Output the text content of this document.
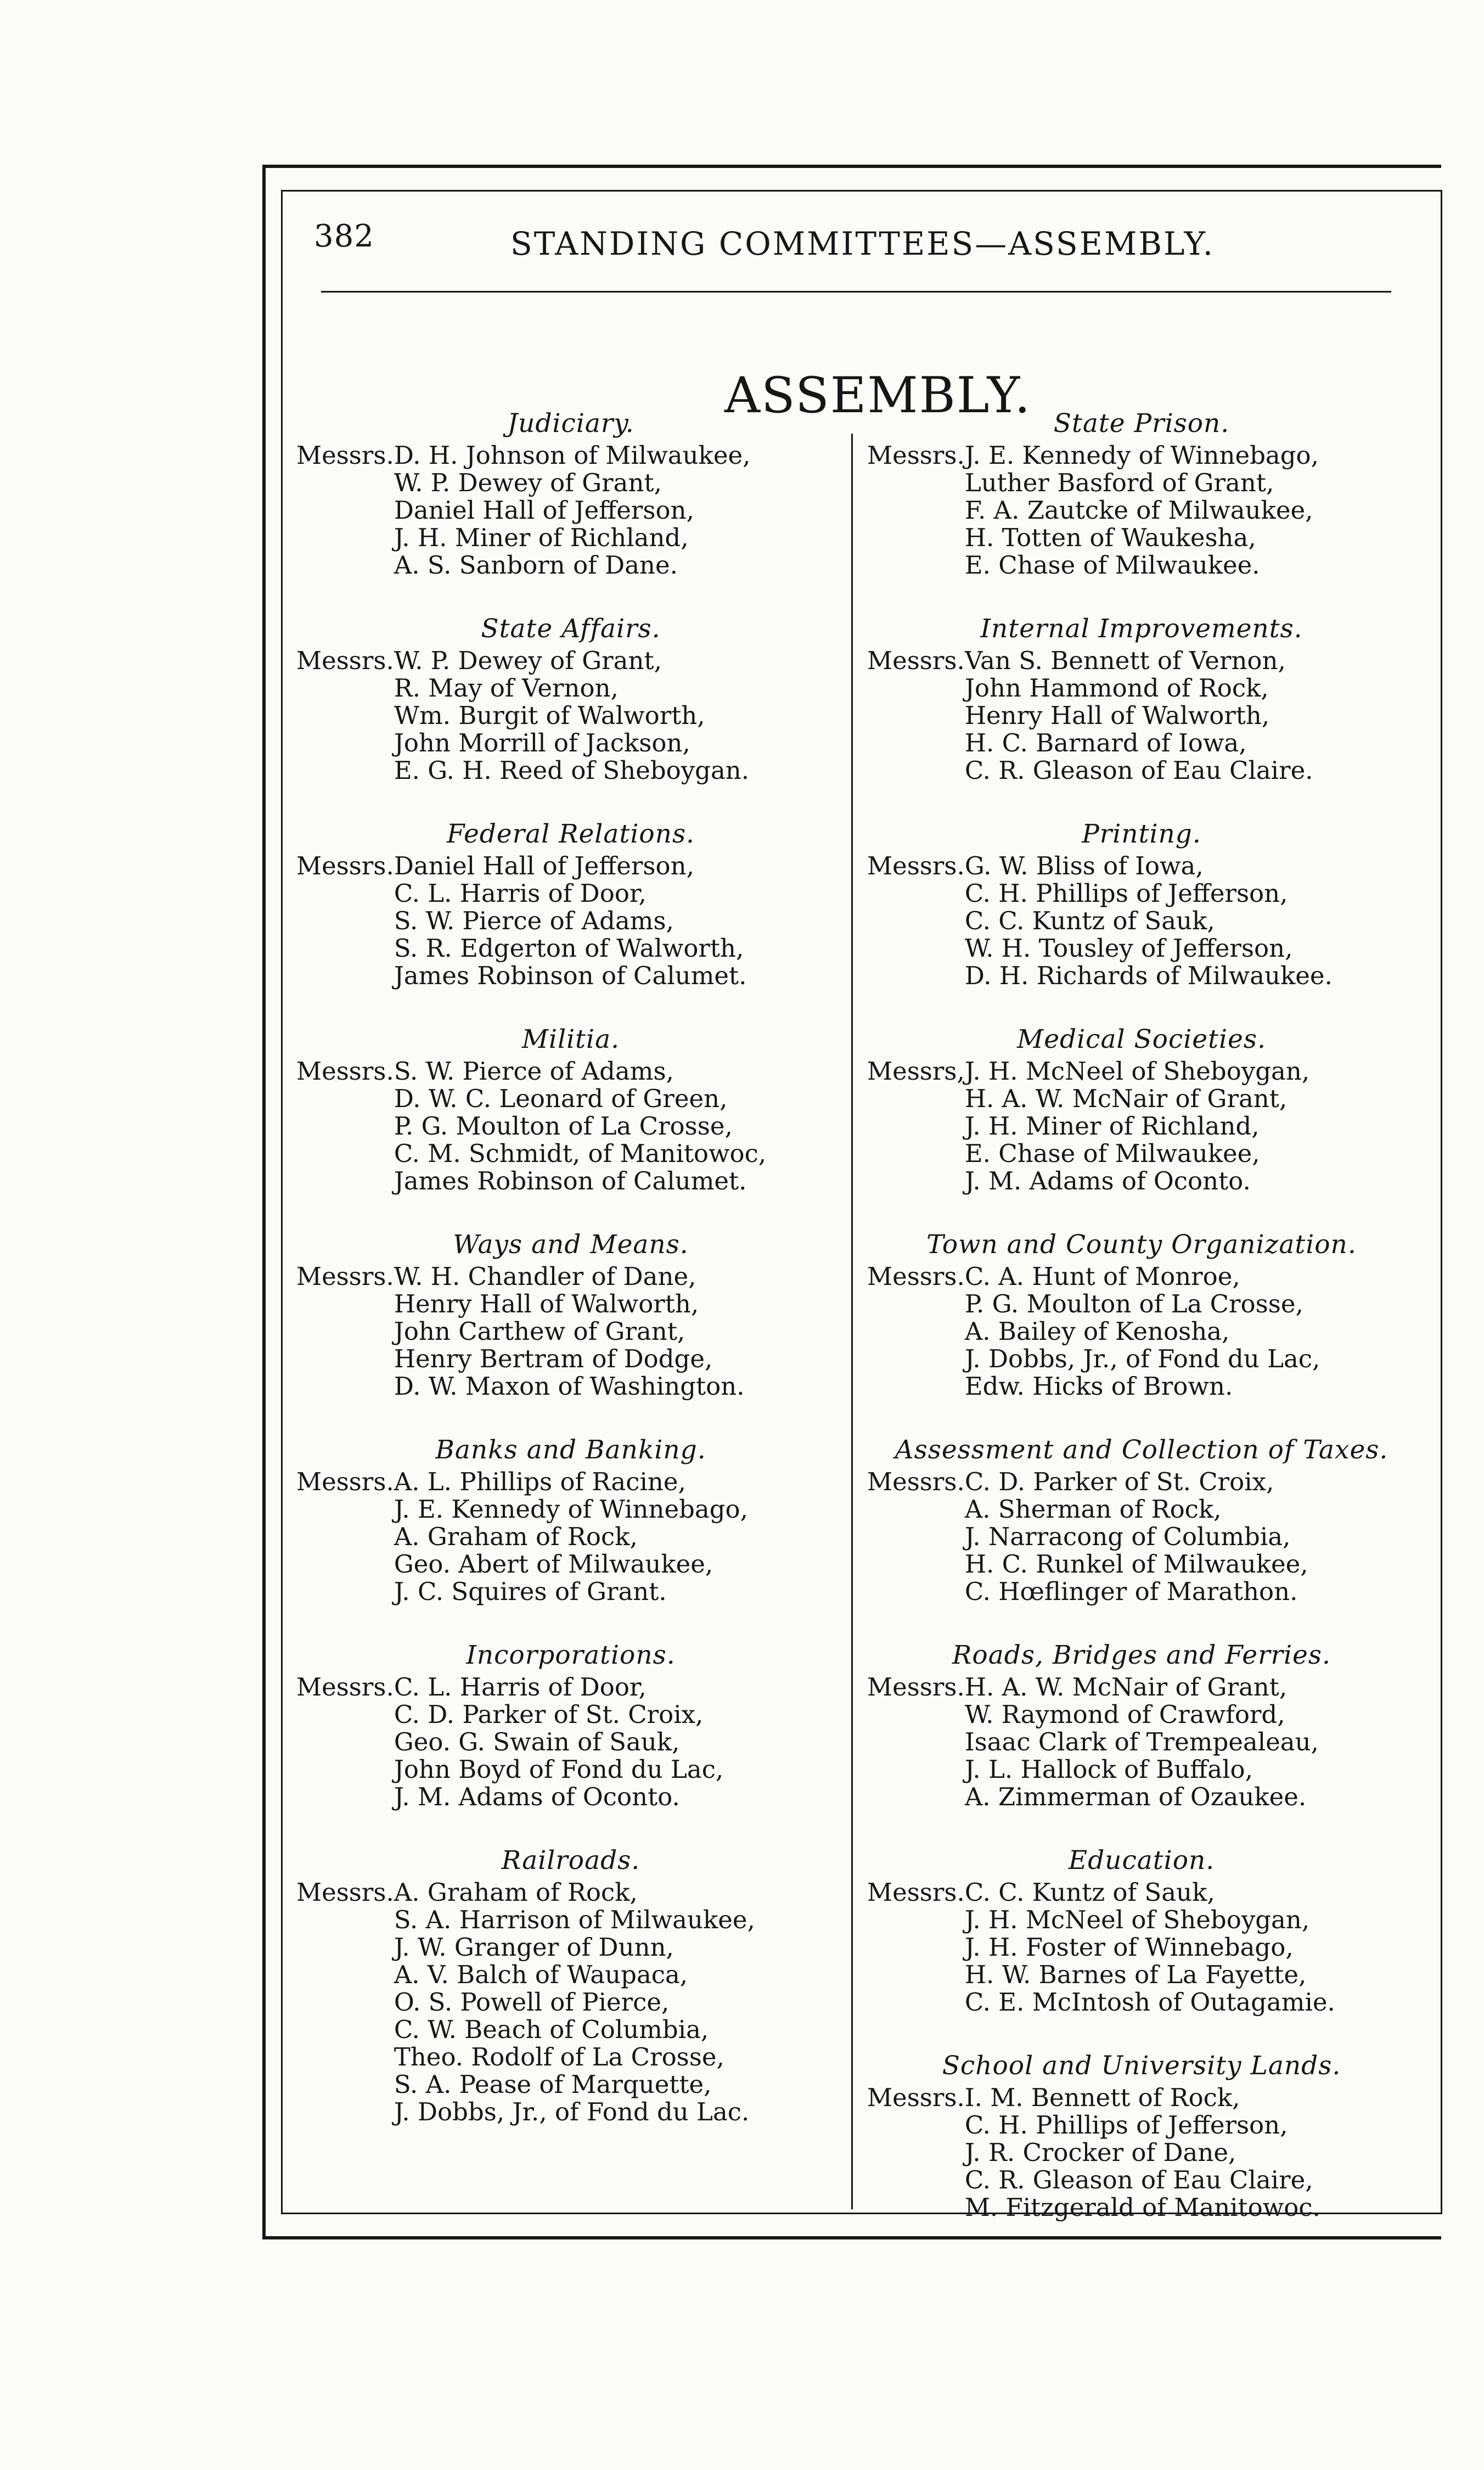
382	STANDING COMMITTEES—ASSEMBLY.
ASSEMBLY.
Judiciary.
Messrs. D. H. Johnson of Milwaukee,
W. P. Dewey of Grant,
Daniel Hall of Jefferson,
J. H. Miner of Richland,
A. S. Sanborn of Dane.
State Affairs.
Messrs. W. P. Dewey of Grant,
R. May of Vernon,
Wm. Burgit of Walworth,
John Morrill of Jackson,
E. G. H. Reed of Sheboygan.
Federal Relations.
Messrs. Daniel Hall of Jefferson,
C. L. Harris of Door,
S. W. Pierce of Adams,
S. R. Edgerton of Walworth,
James Robinson of Calumet.
Militia.
Messrs. S. W. Pierce of Adams,
D. W. C. Leonard of Green,
P. G. Moulton of La Crosse,
C. M. Schmidt, of Manitowoc,
James Robinson of Calumet.
Ways and Means.
Messrs. W. H. Chandler of Dane,
Henry Hall of Walworth,
John Carthew of Grant,
Henry Bertram of Dodge,
D. W. Maxon of Washington.
Banks and Banking.
Messrs. A. L. Phillips of Racine,
J. E. Kennedy of Winnebago,
A. Graham of Rock,
Geo. Abert of Milwaukee,
J. C. Squires of Grant.
Incorporations.
Messrs. C. L. Harris of Door,
C. D. Parker of St. Croix,
Geo. G. Swain of Sauk,
John Boyd of Fond du Lac,
J. M. Adams of Oconto.
Railroads.
Messrs. A. Graham of Rock,
S. A. Harrison of Milwaukee,
J. W. Granger of Dunn,
A. V. Balch of Waupaca,
O. S. Powell of Pierce,
C. W. Beach of Columbia,
Theo. Rodolf of La Crosse,
S. A. Pease of Marquette,
J. Dobbs, Jr., of Fond du Lac.
State Prison.
Messrs. J. E. Kennedy of Winnebago,
Luther Basford of Grant,
F. A. Zautcke of Milwaukee,
H. Totten of Waukesha,
E. Chase of Milwaukee.
Internal Improvements.
Messrs. Van S. Bennett of Vernon,
John Hammond of Rock,
Henry Hall of Walworth,
H. C. Barnard of Iowa,
C. R. Gleason of Eau Claire.
Printing.
Messrs. G. W. Bliss of Iowa,
C. H. Phillips of Jefferson,
C. C. Kuntz of Sauk,
W. H. Tousley of Jefferson,
D. H. Richards of Milwaukee.
Medical Societies.
Messrs, J. H. McNeel of Sheboygan,
H. A. W. McNair of Grant,
J. H. Miner of Richland,
E. Chase of Milwaukee,
J. M. Adams of Oconto.
Town and County Organization.
Messrs. C. A. Hunt of Monroe,
P. G. Moulton of La Crosse,
A. Bailey of Kenosha,
J. Dobbs, Jr., of Fond du Lac,
Edw. Hicks of Brown.
Assessment and Collection of Taxes.
Messrs. C. D. Parker of St. Croix,
A. Sherman of Rock,
J. Narracong of Columbia,
H. C. Runkel of Milwaukee,
C. Hœflinger of Marathon.
Roads, Bridges and Ferries.
Messrs. H. A. W. McNair of Grant,
W. Raymond of Crawford,
Isaac Clark of Trempealeau,
J. L. Hallock of Buffalo,
A. Zimmerman of Ozaukee.
Education.
Messrs. C. C. Kuntz of Sauk,
J. H. McNeel of Sheboygan,
J. H. Foster of Winnebago,
H. W. Barnes of La Fayette,
C. E. McIntosh of Outagamie.
School and University Lands.
Messrs. I. M. Bennett of Rock,
C. H. Phillips of Jefferson,
J. R. Crocker of Dane,
C. R. Gleason of Eau Claire,
M. Fitzgerald of Manitowoc.
